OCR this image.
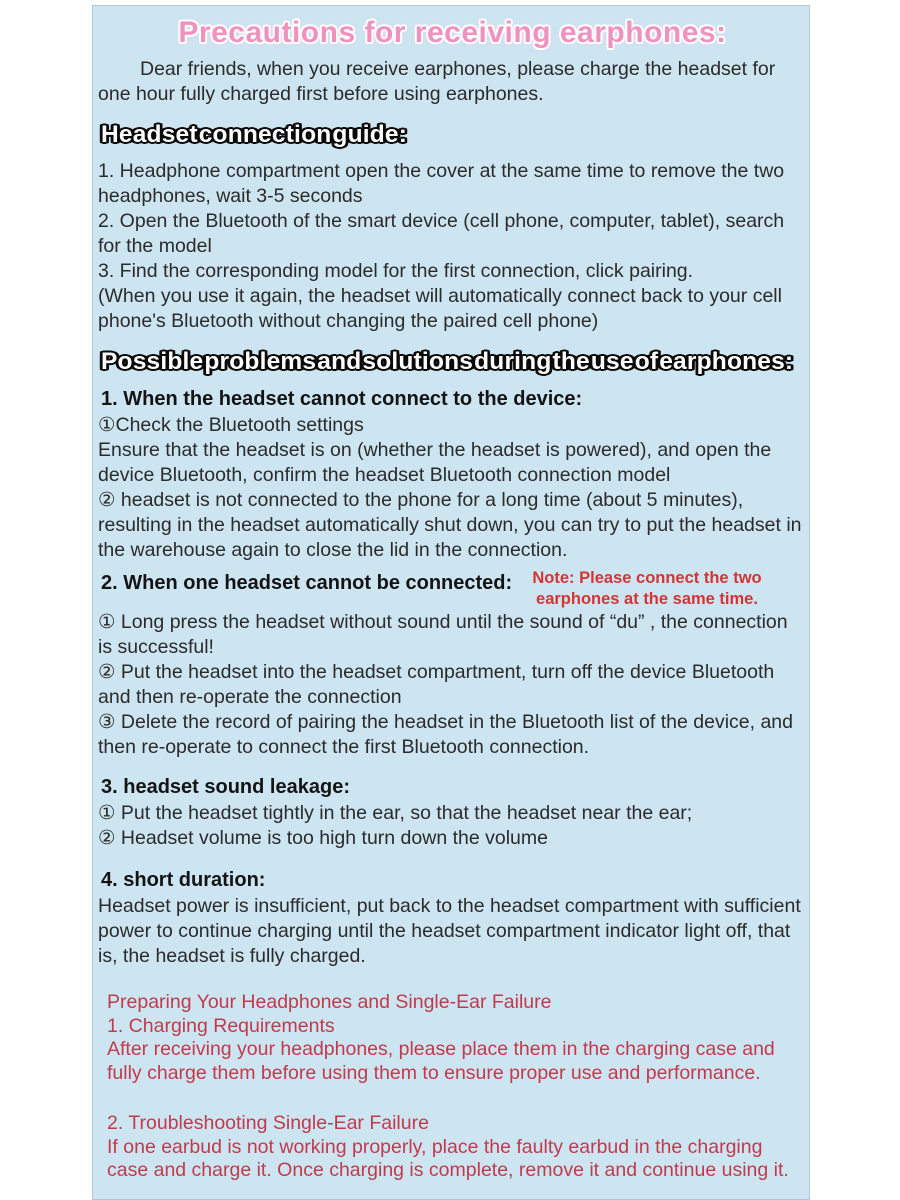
Precautions for receiving earphones:
Dear friends, when you receive earphones, please charge the headset for one hour fully charged first before using earphones.
Headset connection guide:
1. Headphone compartment open the cover at the same time to remove the two headphones, wait 3-5 seconds
2. Open the Bluetooth of the smart device (cell phone, computer, tablet), search for the model
3. Find the corresponding model for the first connection, click pairing.
(When you use it again, the headset will automatically connect back to your cell phone's Bluetooth without changing the paired cell phone)
Possible problems and solutions during the use of earphones:
1. When the headset cannot connect to the device:
①Check the Bluetooth settings
Ensure that the headset is on (whether the headset is powered), and open the device Bluetooth, confirm the headset Bluetooth connection model
② headset is not connected to the phone for a long time (about 5 minutes), resulting in the headset automatically shut down, you can try to put the headset in the warehouse again to close the lid in the connection.
2. When one headset cannot be connected:	Note: Please connect the two earphones at the same time.
① Long press the headset without sound until the sound of “du” , the connection is successful!
② Put the headset into the headset compartment, turn off the device Bluetooth and then re-operate the connection
③ Delete the record of pairing the headset in the Bluetooth list of the device, and then re-operate to connect the first Bluetooth connection.
3. headset sound leakage:
① Put the headset tightly in the ear, so that the headset near the ear;
② Headset volume is too high turn down the volume
4. short duration:
Headset power is insufficient, put back to the headset compartment with sufficient power to continue charging until the headset compartment indicator light off, that is, the headset is fully charged.
Preparing Your Headphones and Single-Ear Failure
1. Charging Requirements
After receiving your headphones, please place them in the charging case and fully charge them before using them to ensure proper use and performance.
2. Troubleshooting Single-Ear Failure
If one earbud is not working properly, place the faulty earbud in the charging case and charge it. Once charging is complete, remove it and continue using it.
